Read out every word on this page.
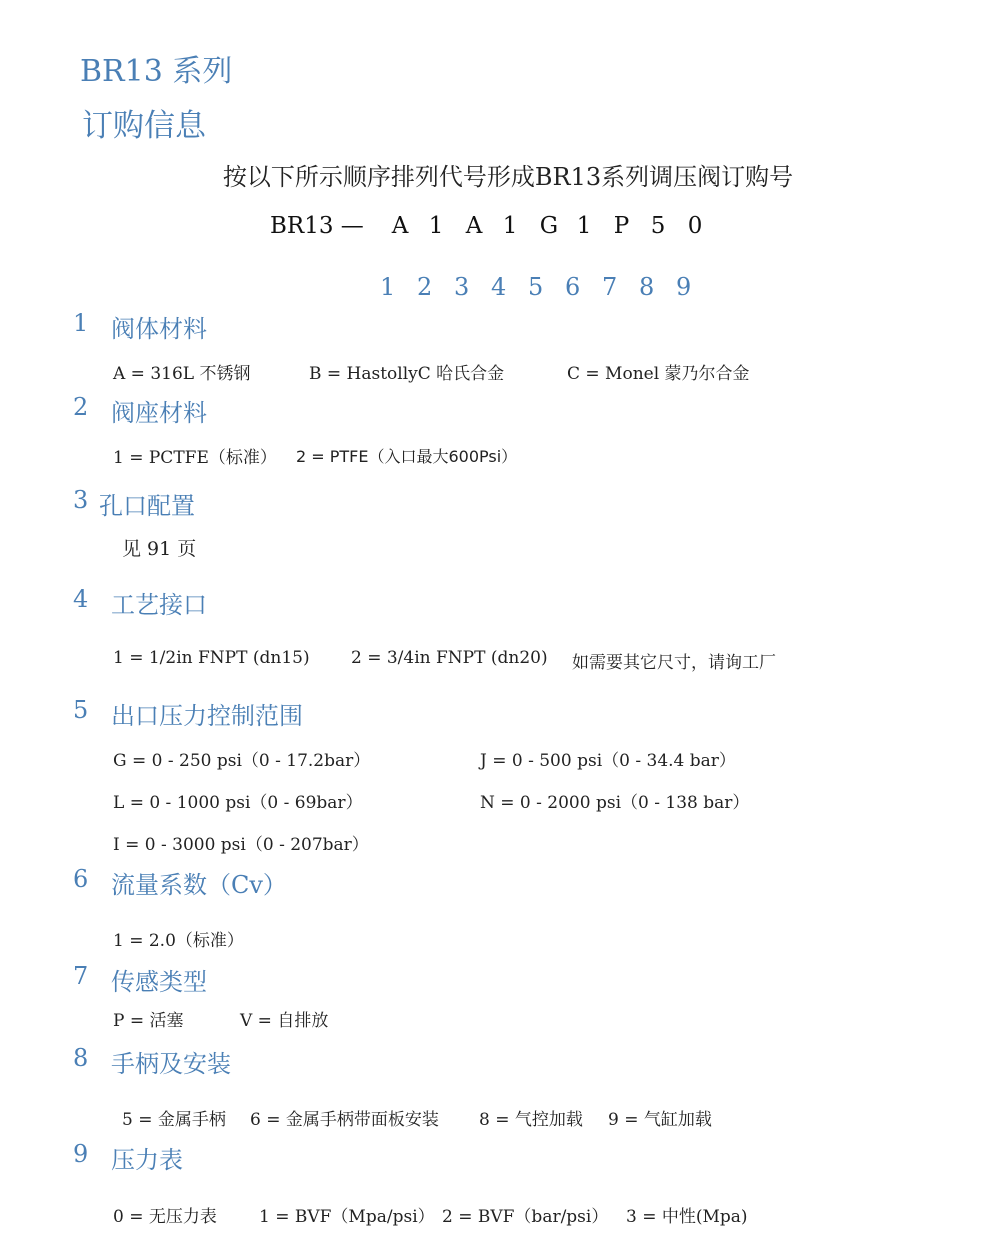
BR13 系列
订购信息
按以下所示顺序排列代号形成BR13系列调压阀订购号
BR13 — A 1 A 1 G 1 P 5 0
1 2 3 4 5 6 7 8 9
1 阀体材料
A = 316L 不锈钢	B = HastollyC 哈氏合金	C = Monel 蒙乃尔合金
2 阀座材料
1 = PCTFE（标准） 2 = PTFE（入口最大600Psi）
3 孔口配置
见 91 页
4 工艺接口
1 = 1/2in FNPT (dn15) 2 = 3/4in FNPT (dn20) 如需要其它尺寸，请询工厂
5 出口压力控制范围
G = 0 - 250 psi（0 - 17.2bar）	J = 0 - 500 psi（0 - 34.4 bar）
L = 0 - 1000 psi（0 - 69bar）	N = 0 - 2000 psi（0 - 138 bar）
I = 0 - 3000 psi（0 - 207bar）
6 流量系数（Cv）
1 = 2.0（标准）
7 传感类型
P = 活塞	V = 自排放
8 手柄及安装
5 = 金属手柄 6 = 金属手柄带面板安装 8 = 气控加载 9 = 气缸加载
9 压力表
0 = 无压力表 1 = BVF（Mpa/psi） 2 = BVF（bar/psi） 3 = 中性(Mpa)
